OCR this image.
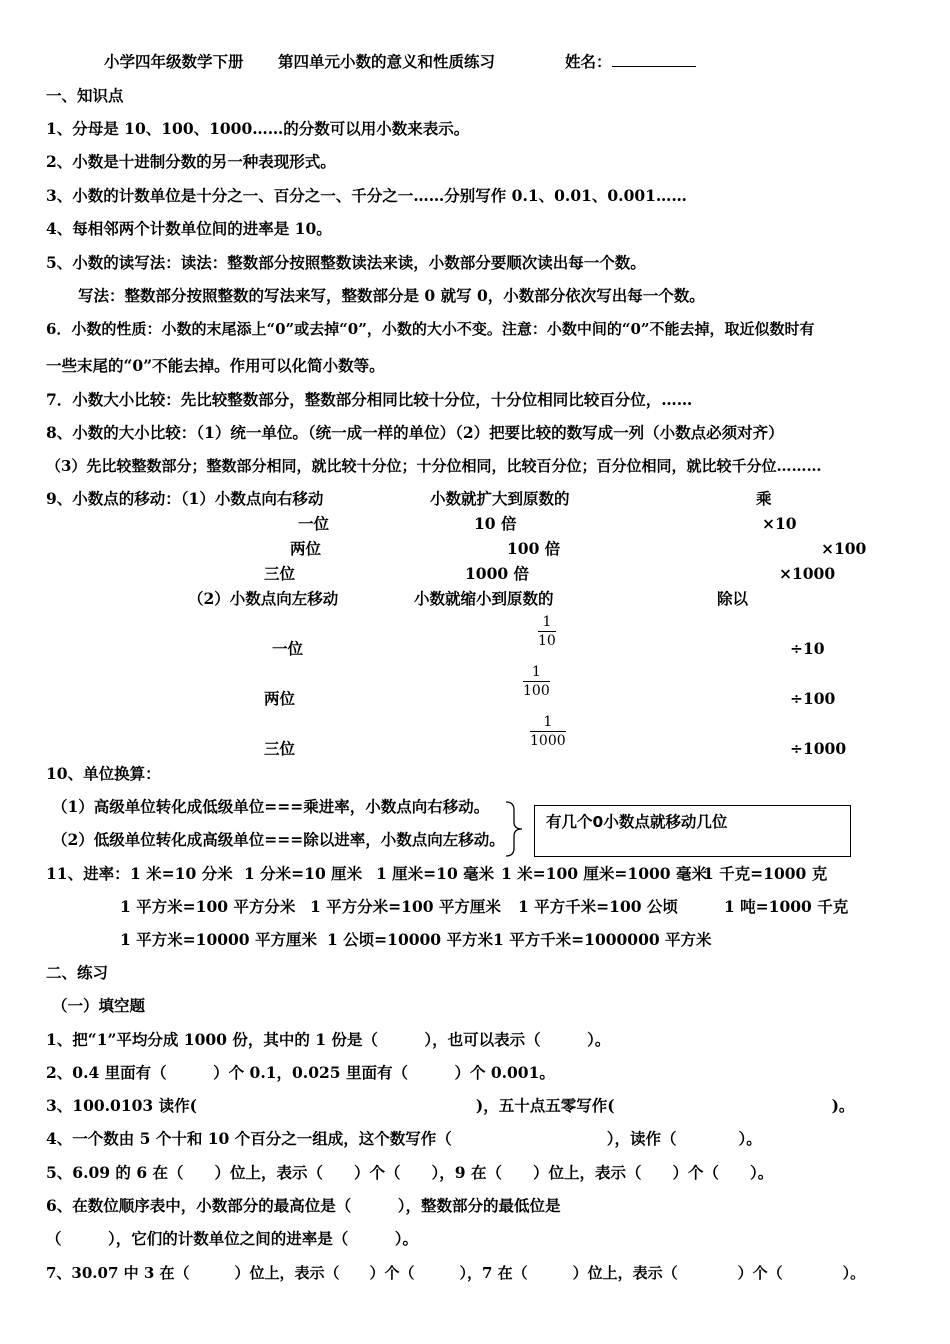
小学四年级数学下册 第四单元小数的意义和性质练习	姓名：
一、知识点
1、分母是 10、100、1000……的分数可以用小数来表示。
2、小数是十进制分数的另一种表现形式。
3、小数的计数单位是十分之一、百分之一、千分之一……分别写作 0.1、0.01、0.001……
4、每相邻两个计数单位间的进率是 10。
5、小数的读写法：读法：整数部分按照整数读法来读，小数部分要顺次读出每一个数。
写法：整数部分按照整数的写法来写，整数部分是 0 就写 0，小数部分依次写出每一个数。
6．小数的性质：小数的末尾添上“0”或去掉“0”，小数的大小不变。注意：小数中间的“0”不能去掉，取近似数时有
一些末尾的“0”不能去掉。作用可以化简小数等。
7．小数大小比较：先比较整数部分，整数部分相同比较十分位，十分位相同比较百分位，……
8、小数的大小比较：（1）统一单位。（统一成一样的单位）（2）把要比较的数写成一列（小数点必须对齐）
（3）先比较整数部分；整数部分相同，就比较十分位；十分位相同，比较百分位；百分位相同，就比较千分位………
9、小数点的移动：（1）小数点向右移动	小数就扩大到原数的	乘
一位	10 倍	×10
两位	100 倍	×100
三位	1000 倍	×1000
（2）小数点向左移动	小数就缩小到原数的	除以
一位	$\frac{1}{10}$	÷10
两位	$\frac{1}{100}$	÷100
三位	$\frac{1}{1000}$	÷1000
10、单位换算：
（1）高级单位转化成低级单位===乘进率，小数点向右移动。
（2）低级单位转化成高级单位===除以进率，小数点向左移动。
有几个0小数点就移动几位
11、进率： 1 米=10 分米 1 分米=10 厘米 1 厘米=10 毫米 1 米=100 厘米=1000 毫米
1 千克=1000 克
1 平方米=100 平方分米 1 平方分米=100 平方厘米 1 平方千米=100 公顷	1 吨=1000 千克
1 平方米=10000 平方厘米 1 公顷=10000 平方米 1 平方千米=1000000 平方米
二、练习
（一）填空题
1、把“1”平均分成 1000 份，其中的 1 份是（　　　），也可以表示（　　　）。
2、0.4 里面有（　　　）个 0.1，0.025 里面有（　　　）个 0.001。
3、100.0103 读作(　　　　　　　　　　　　　　　　　　)，五十点五零写作(　　　　　　　　　　　　　　)。
4、一个数由 5 个十和 10 个百分之一组成，这个数写作（　　　　　　　　　　），读作（　　　　）。
5、6.09 的 6 在（　　）位上，表示（　　）个（　　），9 在（　　）位上，表示（　　）个（　　）。
6、在数位顺序表中，小数部分的最高位是（　　　），整数部分的最低位是
（　　　），它们的计数单位之间的进率是（　　　）。
7、30.07 中 3 在（　　　）位上，表示（　　）个（　　　），7 在（　　　）位上，表示（　　　　）个（　　　　）。
